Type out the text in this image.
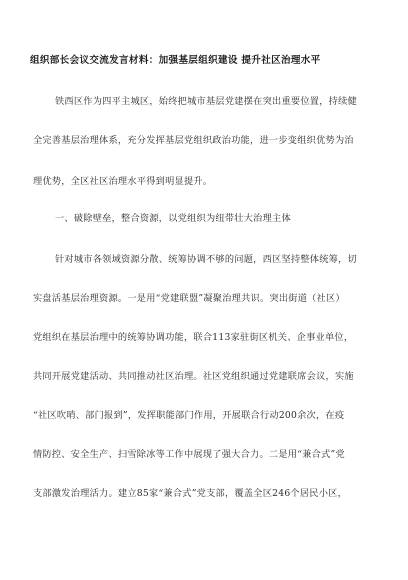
组织部长会议交流发言材料：加强基层组织建设 提升社区治理水平

铁西区作为四平主城区，始终把城市基层党建摆在突出重要位置，持续健

全完善基层治理体系，充分发挥基层党组织政治功能，进一步变组织优势为治

理优势，全区社区治理水平得到明显提升。

一、破除壁垒，整合资源，以党组织为纽带壮大治理主体

针对城市各领域资源分散、统筹协调不够的问题，西区坚持整体统筹，切

实盘活基层治理资源。一是用“党建联盟”凝聚治理共识。突出街道（社区）

党组织在基层治理中的统筹协调功能，联合113家驻街区机关、企事业单位，

共同开展党建活动、共同推动社区治理。社区党组织通过党建联席会议，实施

“社区吹哨、部门报到”，发挥职能部门作用，开展联合行动200余次，在疫

情防控、安全生产、扫雪除冰等工作中展现了强大合力。二是用“兼合式”党

支部激发治理活力。建立85家“兼合式”党支部，覆盖全区246个居民小区，
